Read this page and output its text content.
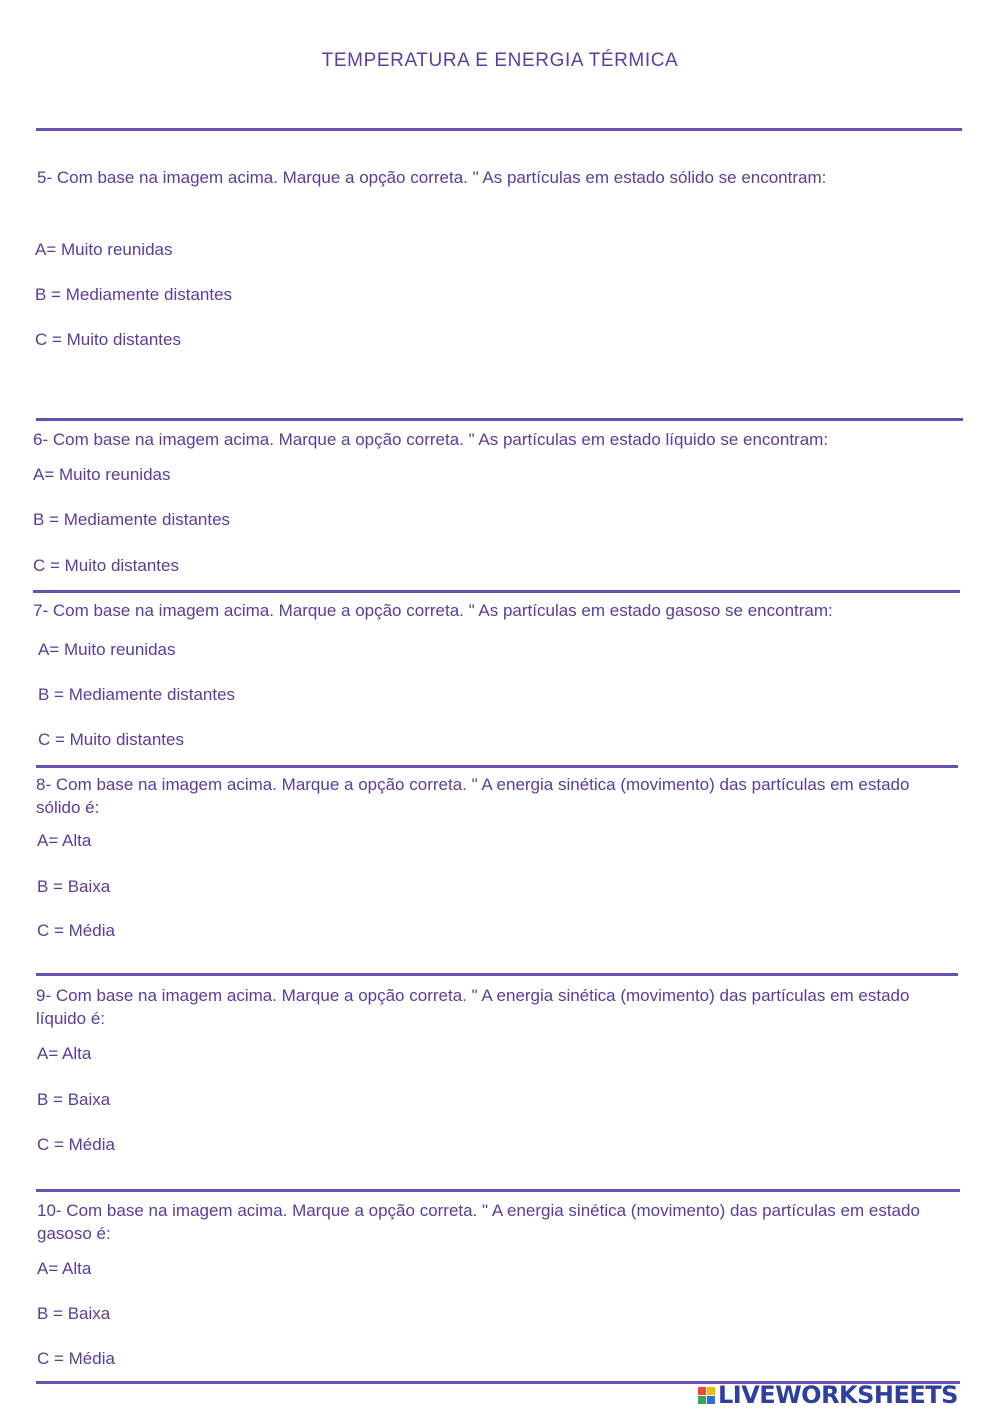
TEMPERATURA E ENERGIA TÉRMICA
5- Com base na imagem acima. Marque a opção correta. " As partículas em estado sólido se encontram:
A= Muito reunidas
B = Mediamente distantes
C = Muito distantes
6- Com base na imagem acima. Marque a opção correta. " As partículas em estado líquido se encontram:
A= Muito reunidas
B = Mediamente distantes
C = Muito distantes
7- Com base na imagem acima. Marque a opção correta. " As partículas em estado gasoso se encontram:
A= Muito reunidas
B = Mediamente distantes
C = Muito distantes
8- Com base na imagem acima. Marque a opção correta. " A energia sinética (movimento) das partículas em estado sólido é:
A= Alta
B = Baixa
C = Média
9- Com base na imagem acima. Marque a opção correta. " A energia sinética (movimento) das partículas em estado líquido é:
A= Alta
B = Baixa
C = Média
10- Com base na imagem acima. Marque a opção correta. " A energia sinética (movimento) das partículas em estado gasoso é:
A= Alta
B = Baixa
C = Média
LIVEWORKSHEETS
